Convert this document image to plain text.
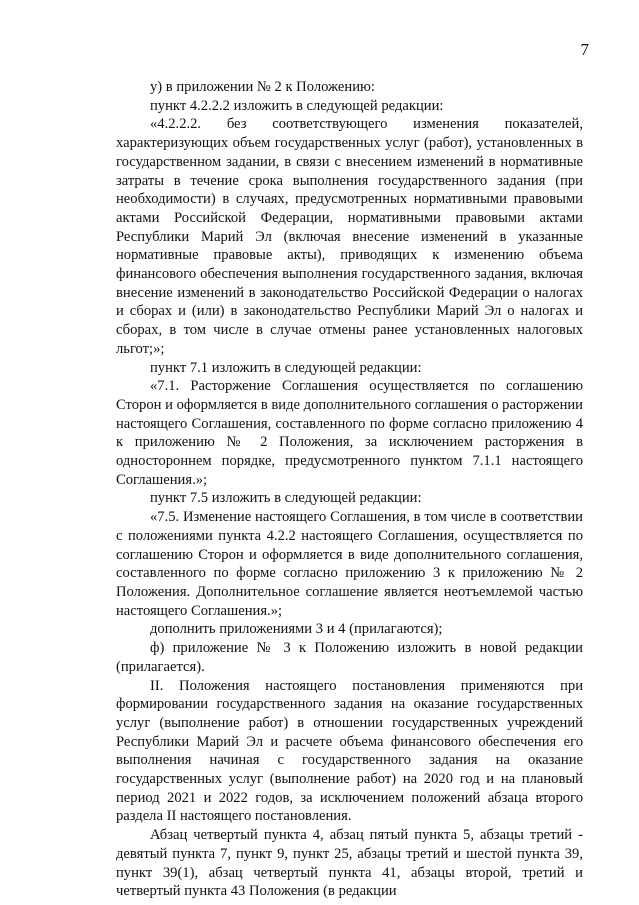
7

у) в приложении № 2 к Положению:

пункт 4.2.2.2 изложить в следующей редакции:

«4.2.2.2. без соответствующего изменения показателей, характеризующих объем государственных услуг (работ), установленных в государственном задании, в связи с внесением изменений в нормативные затраты в течение срока выполнения государственного задания (при необходимости) в случаях, предусмотренных нормативными правовыми актами Российской Федерации, нормативными правовыми актами Республики Марий Эл (включая внесение изменений в указанные нормативные правовые акты), приводящих к изменению объема финансового обеспечения выполнения государственного задания, включая внесение изменений в законодательство Российской Федерации о налогах и сборах и (или) в законодательство Республики Марий Эл о налогах и сборах, в том числе в случае отмены ранее установленных налоговых льгот;»;

пункт 7.1 изложить в следующей редакции:

«7.1. Расторжение Соглашения осуществляется по соглашению Сторон и оформляется в виде дополнительного соглашения о расторжении настоящего Соглашения, составленного по форме согласно приложению 4 к приложению № 2 Положения, за исключением расторжения в одностороннем порядке, предусмотренного пунктом 7.1.1 настоящего Соглашения.»;

пункт 7.5 изложить в следующей редакции:

«7.5. Изменение настоящего Соглашения, в том числе в соответствии с положениями пункта 4.2.2 настоящего Соглашения, осуществляется по соглашению Сторон и оформляется в виде дополнительного соглашения, составленного по форме согласно приложению 3 к приложению № 2 Положения. Дополнительное соглашение является неотъемлемой частью настоящего Соглашения.»;

дополнить приложениями 3 и 4 (прилагаются);

ф) приложение № 3 к Положению изложить в новой редакции (прилагается).

II. Положения настоящего постановления применяются при формировании государственного задания на оказание государственных услуг (выполнение работ) в отношении государственных учреждений Республики Марий Эл и расчете объема финансового обеспечения его выполнения начиная с государственного задания на оказание государственных услуг (выполнение работ) на 2020 год и на плановый период 2021 и 2022 годов, за исключением положений абзаца второго раздела II настоящего постановления.

Абзац четвертый пункта 4, абзац пятый пункта 5, абзацы третий - девятый пункта 7, пункт 9, пункт 25, абзацы третий и шестой пункта 39, пункт 39(1), абзац четвертый пункта 41, абзацы второй, третий и четвертый пункта 43 Положения (в редакции
